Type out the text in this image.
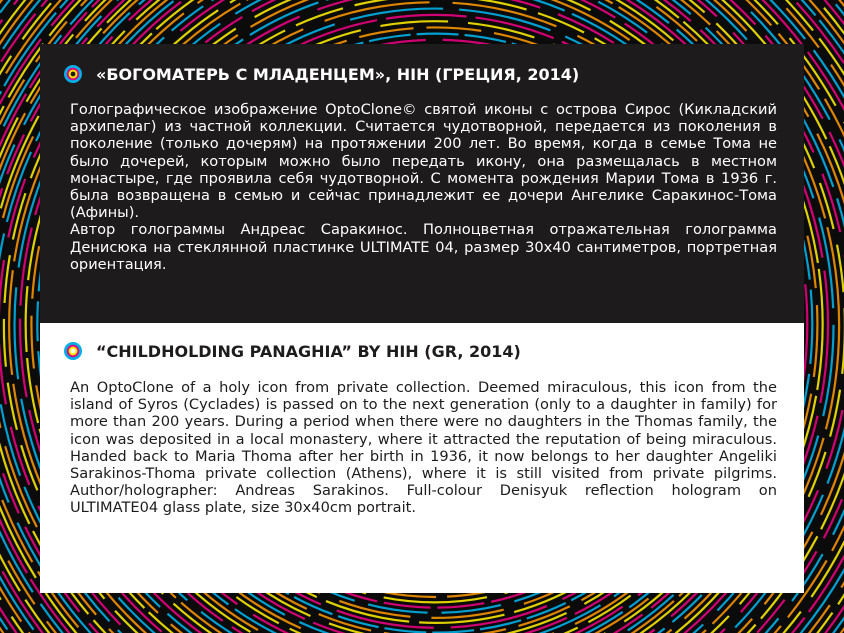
«БОГОМАТЕРЬ С МЛАДЕНЦЕМ», HIH (ГРЕЦИЯ, 2014)

Голографическое изображение OptoClone© святой иконы с острова Сирос (Кикладский архипелаг) из частной коллекции. Считается чудотворной, передается из поколения в поколение (только дочерям) на протяжении 200 лет. Во время, когда в семье Тома не было дочерей, которым можно было передать икону, она размещалась в местном монастыре, где проявила себя чудотворной. С момента рождения Марии Тома в 1936 г. была возвращена в семью и сейчас принадлежит ее дочери Ангелике Саракинос-Тома (Афины).

Автор голограммы Андреас Саракинос. Полноцветная отражательная голограмма Денисюка на стеклянной пластинке ULTIMATE 04, размер 30х40 сантиметров, портретная ориентация.

“CHILDHOLDING PANAGHIA” BY HIH (GR, 2014)

An OptoClone of a holy icon from private collection. Deemed miraculous, this icon from the island of Syros (Cyclades) is passed on to the next generation (only to a daughter in family) for more than 200 years. During a period when there were no daughters in the Thomas family, the icon was deposited in a local monastery, where it attracted the reputation of being miraculous. Handed back to Maria Thoma after her birth in 1936, it now belongs to her daughter Angeliki Sarakinos-Thoma private collection (Athens), where it is still visited from private pilgrims. Author/holographer: Andreas Sarakinos. Full-colour Denisyuk reflection hologram on ULTIMATE04 glass plate, size 30x40cm portrait.
